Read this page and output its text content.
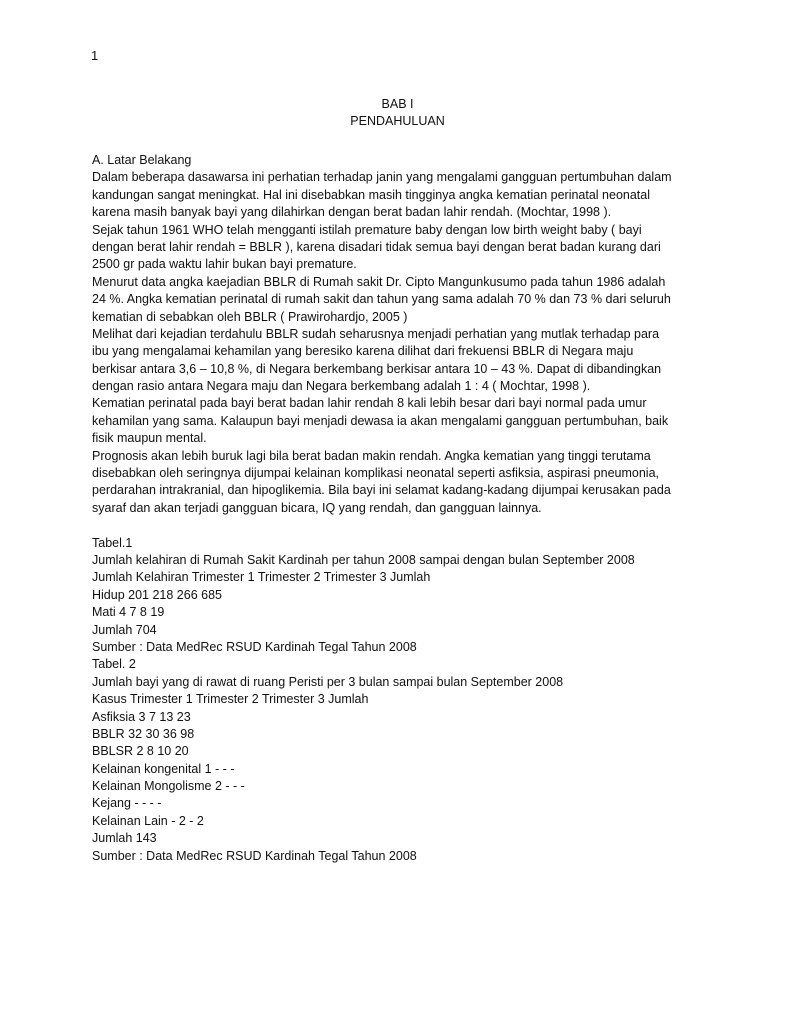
1
BAB I
PENDAHULUAN
A. Latar Belakang
Dalam beberapa dasawarsa ini perhatian terhadap janin yang mengalami gangguan pertumbuhan dalam
kandungan sangat meningkat. Hal ini disebabkan masih tingginya angka kematian perinatal neonatal
karena masih banyak bayi yang dilahirkan dengan berat badan lahir rendah. (Mochtar, 1998 ).
Sejak tahun 1961 WHO telah mengganti istilah premature baby dengan low birth weight baby ( bayi
dengan berat lahir rendah = BBLR ), karena disadari tidak semua bayi dengan berat badan kurang dari
2500 gr pada waktu lahir bukan bayi premature.
Menurut data angka kaejadian BBLR di Rumah sakit Dr. Cipto Mangunkusumo pada tahun 1986 adalah
24 %. Angka kematian perinatal di rumah sakit dan tahun yang sama adalah 70 % dan 73 % dari seluruh
kematian di sebabkan oleh BBLR ( Prawirohardjo, 2005 )
Melihat dari kejadian terdahulu BBLR sudah seharusnya menjadi perhatian yang mutlak terhadap para
ibu yang mengalamai kehamilan yang beresiko karena dilihat dari frekuensi BBLR di Negara maju
berkisar antara 3,6 – 10,8 %, di Negara berkembang berkisar antara 10 – 43 %. Dapat di dibandingkan
dengan rasio antara Negara maju dan Negara berkembang adalah 1 : 4 ( Mochtar, 1998 ).
Kematian perinatal pada bayi berat badan lahir rendah 8 kali lebih besar dari bayi normal pada umur
kehamilan yang sama. Kalaupun bayi menjadi dewasa ia akan mengalami gangguan pertumbuhan, baik
fisik maupun mental.
Prognosis akan lebih buruk lagi bila berat badan makin rendah. Angka kematian yang tinggi terutama
disebabkan oleh seringnya dijumpai kelainan komplikasi neonatal seperti asfiksia, aspirasi pneumonia,
perdarahan intrakranial, dan hipoglikemia. Bila bayi ini selamat kadang-kadang dijumpai kerusakan pada
syaraf dan akan terjadi gangguan bicara, IQ yang rendah, dan gangguan lainnya.
Tabel.1
Jumlah kelahiran di Rumah Sakit Kardinah per tahun 2008 sampai dengan bulan September 2008
Jumlah Kelahiran Trimester 1 Trimester 2 Trimester 3 Jumlah
Hidup 201 218 266 685
Mati 4 7 8 19
Jumlah 704
Sumber : Data MedRec RSUD Kardinah Tegal Tahun 2008
Tabel. 2
Jumlah bayi yang di rawat di ruang Peristi per 3 bulan sampai bulan September 2008
Kasus Trimester 1 Trimester 2 Trimester 3 Jumlah
Asfiksia 3 7 13 23
BBLR 32 30 36 98
BBLSR 2 8 10 20
Kelainan kongenital 1 - - -
Kelainan Mongolisme 2 - - -
Kejang - - - -
Kelainan Lain - 2 - 2
Jumlah 143
Sumber : Data MedRec RSUD Kardinah Tegal Tahun 2008
